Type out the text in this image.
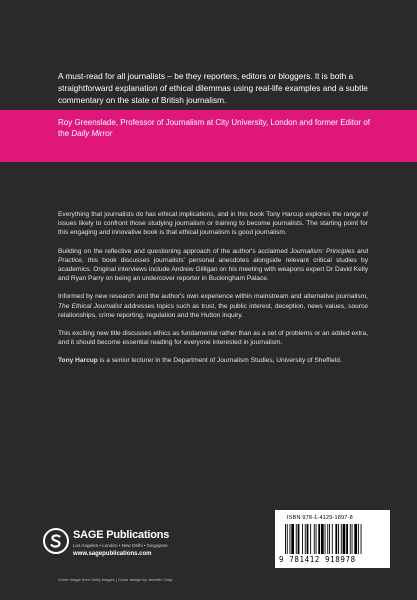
A must-read for all journalists – be they reporters, editors or bloggers. It is both a straightforward explanation of ethical dilemmas using real-life examples and a subtle commentary on the state of British journalism.
Roy Greenslade, Professor of Journalism at City University, London and former Editor of the Daily Mirror

Everything that journalists do has ethical implications, and in this book Tony Harcup explores the range of issues likely to confront those studying journalism or training to become journalists. The starting point for this engaging and innovative book is that ethical journalism is good journalism.

Building on the reflective and questioning approach of the author's acclaimed Journalism: Principles and Practice, this book discusses journalists' personal anecdotes alongside relevant critical studies by academics. Original interviews include Andrew Gilligan on his meeting with weapons expert Dr David Kelly and Ryan Parry on being an undercover reporter in Buckingham Palace.

Informed by new research and the author's own experience within mainstream and alternative journalism, The Ethical Journalist addresses topics such as trust, the public interest, deception, news values, source relationships, crime reporting, regulation and the Hutton inquiry.

This exciting new title discusses ethics as fundamental rather than as a set of problems or an added extra, and it should become essential reading for everyone interested in journalism.

Tony Harcup is a senior lecturer in the Department of Journalism Studies, University of Sheffield.

SAGE Publications
Los Angeles • London • New Delhi • Singapore
www.sagepublications.com
ISBN 978-1-4129-1897-8
9 781412 918978
Cover image from Getty Images | Cover design by Jennifer Crisp
